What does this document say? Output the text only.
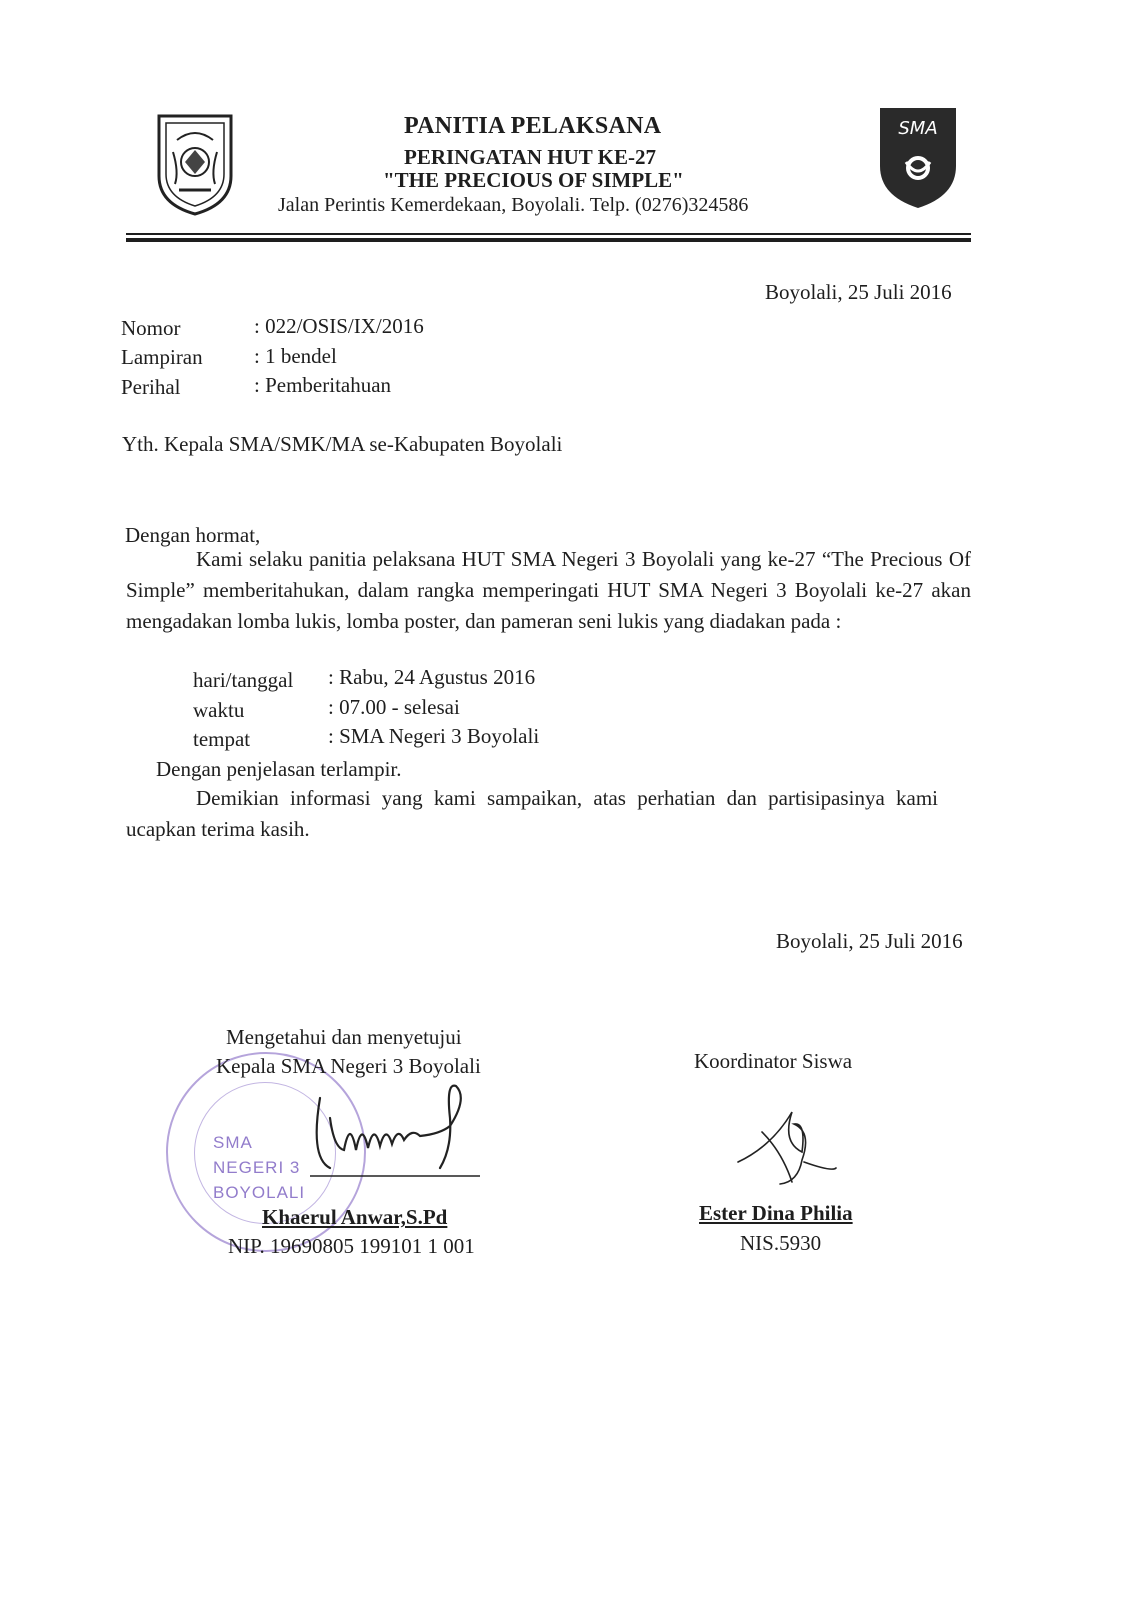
PANITIA PELAKSANA
PERINGATAN HUT KE-27
"THE PRECIOUS OF SIMPLE"
Jalan Perintis Kemerdekaan, Boyolali. Telp. (0276)324586
SMA
Boyolali, 25 Juli 2016
Nomor	: 022/OSIS/IX/2016
Lampiran : 1 bendel
Perihal	: Pemberitahuan
Yth. Kepala SMA/SMK/MA se-Kabupaten Boyolali
Dengan hormat,
Kami selaku panitia pelaksana HUT SMA Negeri 3 Boyolali yang ke-27 “The Precious Of Simple” memberitahukan, dalam rangka memperingati HUT SMA Negeri 3 Boyolali ke-27 akan mengadakan lomba lukis, lomba poster, dan pameran seni lukis yang diadakan pada :
hari/tanggal : Rabu, 24 Agustus 2016
waktu	: 07.00 - selesai
tempat	: SMA Negeri 3 Boyolali
Dengan penjelasan terlampir.
Demikian informasi yang kami sampaikan, atas perhatian dan partisipasinya kami ucapkan terima kasih.
Boyolali, 25 Juli 2016
SMA NEGERI 3 BOYOLALI
Mengetahui dan menyetujui
Kepala SMA Negeri 3 Boyolali
Khaerul Anwar,S.Pd
NIP. 19690805 199101 1 001
Koordinator Siswa
Ester Dina Philia
NIS.5930
